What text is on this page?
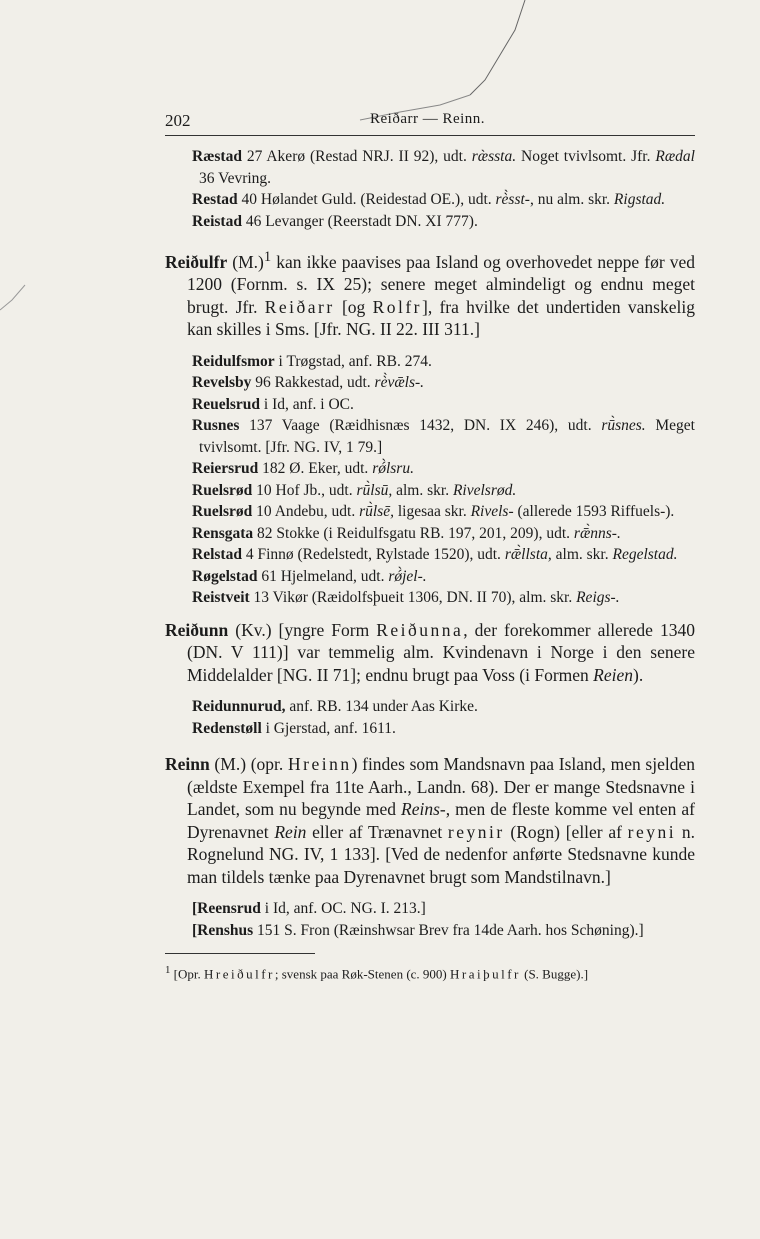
202	Reiðarr — Reinn.

Ræstad 27 Akerø (Restad NRJ. II 92), udt. ræ̀ssta. Noget tvivlsomt. Jfr. Rædal 36 Vevring.

Restad 40 Hølandet Guld. (Reidestad OE.), udt. rè̀sst-, nu alm. skr. Rigstad.

Reistad 46 Levanger (Reerstadt DN. XI 777).

Reiðulfr $(M.)^1$ kan ikke paavises paa Island og overhovedet neppe før ved 1200 (Fornm. s. IX 25); senere meget almindeligt og endnu meget brugt. Jfr. Reiðarr [og Rolfr], fra hvilke det undertiden vanskelig kan skilles i Sms. [Jfr. NG. II 22. III 311.]

Reidulfsmor i Trøgstad, anf. RB. 274.

Revelsby 96 Rakkestad, udt. rè̀vǣls-.

Reuelsrud i Id, anf. i OC.

Rusnes 137 Vaage (Ræidhisnæs 1432, DN. IX 246), udt. rū̀snes. Meget tvivlsomt. [Jfr. NG. IV, 1 79.]

Reiersrud 182 Ø. Eker, udt. rǿ̀lsru.

Ruelsrød 10 Hof Jb., udt. rū̀lsū, alm. skr. Rivelsrød.

Ruelsrød 10 Andebu, udt. rū̀lsē, ligesaa skr. Rivels- (allerede 1593 Riffuels-).

Rensgata 82 Stokke (i Reidulfsgatu RB. 197, 201, 209), udt. rǣ̀nns-.

Relstad 4 Finnø (Redelstedt, Rylstade 1520), udt. rǣ̀llsta, alm. skr. Regelstad.

Røgelstad 61 Hjelmeland, udt. rǿ̀jel-.

Reistveit 13 Vikør (Ræidolfsþueit 1306, DN. II 70), alm. skr. Reigs-.

Reiðunn (Kv.) [yngre Form Reiðunna, der forekommer allerede 1340 (DN. V 111)] var temmelig alm. Kvindenavn i Norge i den senere Middelalder [NG. II 71]; endnu brugt paa Voss (i Formen Reien).

Reidunnurud, anf. RB. 134 under Aas Kirke.

Redenstøll i Gjerstad, anf. 1611.

Reinn (M.) (opr. Hreinn) findes som Mandsnavn paa Island, men sjelden (ældste Exempel fra 11te Aarh., Landn. 68). Der er mange Stedsnavne i Landet, som nu begynde med Reins-, men de fleste komme vel enten af Dyrenavnet Rein eller af Trænavnet reynir (Rogn) [eller af reyni n. Rognelund NG. IV, 1 133]. [Ved de nedenfor anførte Stedsnavne kunde man tildels tænke paa Dyrenavnet brugt som Mandstilnavn.]

[Reensrud i Id, anf. OC. NG. I. 213.]

[Renshus 151 S. Fron (Ræinshwsar Brev fra 14de Aarh. hos Schøning).]

$^1$ [Opr. Hreiðulfr; svensk paa Røk-Stenen (c. 900) Hraiþulfr (S. Bugge).]
